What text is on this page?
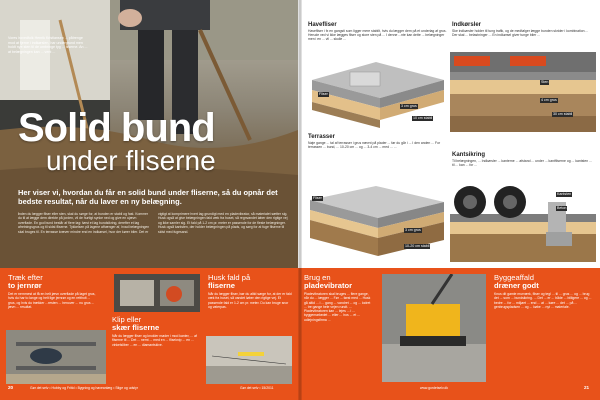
Vores hovedfolk Henrik Kristiansen ... påtrenge mod at fjerne i indkørslen, har undergrund men holdt nye sten til de ombringe tyg ... fliserne. An ... at belægningen kan ... vent ...
Solid bund
under fliserne
Her viser vi, hvordan du får en solid bund under fliserne, så du opnår det bedste resultat, når du laver en ny belægning.
Inden du lægger fliser eller sten, skal du sørge for, at bunden er stabil og fast. Kommer du til at lægge dem direkte på jorden, vil de hurtigt synke ned og give en ujævn overflade. En god bund består af flere lag: først et lag bundsikring, derefter et lag afretningsgrus og til sidst fliserne. Tykkelsen på lagene afhænger af, hvad belægningen skal bruges til. En terrasse kræver mindre end en indkørsel, hvor der kører biler. Det er vigtigt at komprimere hvert lag grundigt med en pladevibrator, så materialet sætter sig. Husk også at give belægningen fald væk fra huset, så regnvandet løber den rigtige vej og ikke samler sig. Et fald på 1-2 cm pr. meter er passende for de fleste belægninger. Husk også kantsten, der holder belægningen på plads, og sørg for at fuge fliserne til sidst med fugesand.
Havefliser

Havefliser i fx en gangsti som ligger mere stabilt, hvis du lægger dem på et underlag af grus. Herude ved vi ikke lægges fliser og store sten på ... I denne ...nte kan dette ... belægninger men i en ... vil ... skulle ...

Fliser
3 cm grus
10 cm stabil
Indkørsler

Ske indkørsler holder til tung trafik, og de medfølger lægge bunden skrider i kombination ... Der skal ... belastninger ... En indkørsel giver tunge biler ...

Sten
4 cm grus
30 cm stabil
Terrasser

Nøje gange ... tal af terrasser i grus nævnt på plader ... før du går i ... I den anden ... For terrassen ... bund, ... 10-20 cm ... og ... 3-4 cm ... med ... ...

Fliser
3 cm grus
10-20 cm stabil
Kantsikring

Til belægningen, ... Indkørsler ... kanterne ... afstand ... under ... kantfliserne og ... kantsten ... til ... kan ... for ...

Kantsten
Beton
Træk efter
to jernrør

Det er nemmest at få en helt jævn overflade på laget grus, hvis du har to lange og helt lige jernrør og en rettholt ... grus, og hvis du trækker ...resten ... henover ... nu grus ... jævn ... resultat.

Klip eller
skær fliserne

Når du lægger fliser og knokler møder i mod kanter, ... af fliserne til ... Det ... nemt ... med en ... fliseknip ... en ... vinkelsliber ... en ... diamantskive.

Husk fald på
fliserne

Når du lægger fliser, bør du altid sørge for, at der er fald væk fra huset, så vandet løber den rigtige vej. Et passende fald er 1-2 cm pr. meter. Du kan bruge snor og vaterpas.

Brug en
pladevibrator

Pladevibratoren skal bruges ... flere gange, når du ... lægger ... Før ... først med ... Husk gå altid ... i ... gang ... vandret ... og ... lodret ... tre gange hele vejen rundt. ... Pladevibratoren kan ... lejes ... i ... byggemarkedet ... eller ... hos ... et ... udlejningsfirma ...

Byggeaffald
dræner godt

Knus dit gamle murværk, fliser og tegl ... til ... grus ... og ... brug det ... som ... bundsikring. ... Det ... er ... både ... billigere ... og ... bedre ... for ... miljøet ... end ... at ... køre ... det ... på ... genbrugspladsen ... og ... købe ... nyt ... materiale.

Gør det selv • Hobby og Fritid • Bygning og haveanlæg • Stige og udstyr	Gør det selv • 15/2011	www.gordetselv.dk
20	21
